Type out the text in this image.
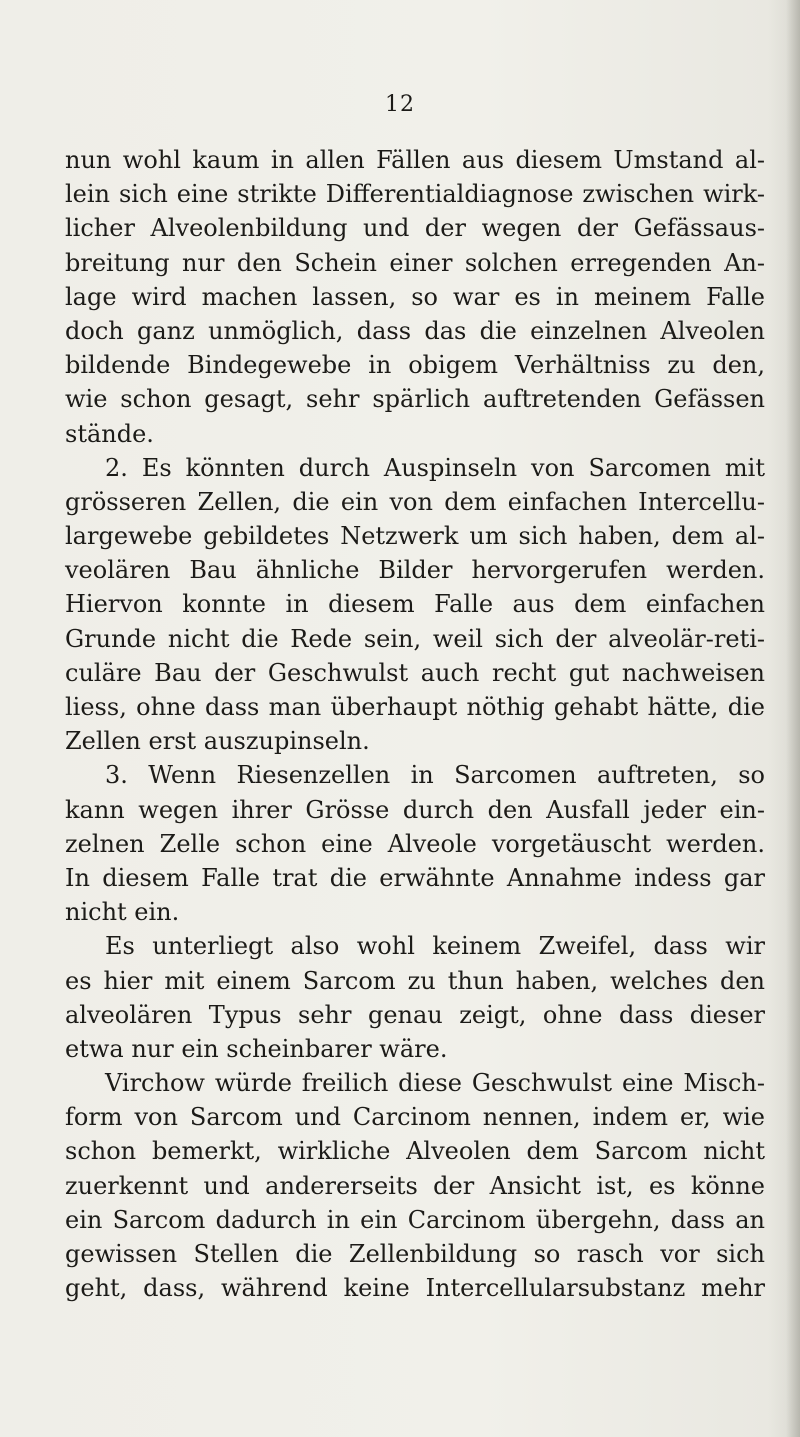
12
nun wohl kaum in allen Fällen aus diesem Umstand al-
lein sich eine strikte Differentialdiagnose zwischen wirk-
licher Alveolenbildung und der wegen der Gefässaus-
breitung nur den Schein einer solchen erregenden An-
lage wird machen lassen, so war es in meinem Falle
doch ganz unmöglich, dass das die einzelnen Alveolen
bildende Bindegewebe in obigem Verhältniss zu den,
wie schon gesagt, sehr spärlich auftretenden Gefässen
stände.
2. Es könnten durch Auspinseln von Sarcomen mit
grösseren Zellen, die ein von dem einfachen Intercellu-
largewebe gebildetes Netzwerk um sich haben, dem al-
veolären Bau ähnliche Bilder hervorgerufen werden.
Hiervon konnte in diesem Falle aus dem einfachen
Grunde nicht die Rede sein, weil sich der alveolär-reti-
culäre Bau der Geschwulst auch recht gut nachweisen
liess, ohne dass man überhaupt nöthig gehabt hätte, die
Zellen erst auszupinseln.
3. Wenn Riesenzellen in Sarcomen auftreten, so
kann wegen ihrer Grösse durch den Ausfall jeder ein-
zelnen Zelle schon eine Alveole vorgetäuscht werden.
In diesem Falle trat die erwähnte Annahme indess gar
nicht ein.
Es unterliegt also wohl keinem Zweifel, dass wir
es hier mit einem Sarcom zu thun haben, welches den
alveolären Typus sehr genau zeigt, ohne dass dieser
etwa nur ein scheinbarer wäre.
Virchow würde freilich diese Geschwulst eine Misch-
form von Sarcom und Carcinom nennen, indem er, wie
schon bemerkt, wirkliche Alveolen dem Sarcom nicht
zuerkennt und andererseits der Ansicht ist, es könne
ein Sarcom dadurch in ein Carcinom übergehn, dass an
gewissen Stellen die Zellenbildung so rasch vor sich
geht, dass, während keine Intercellularsubstanz mehr
